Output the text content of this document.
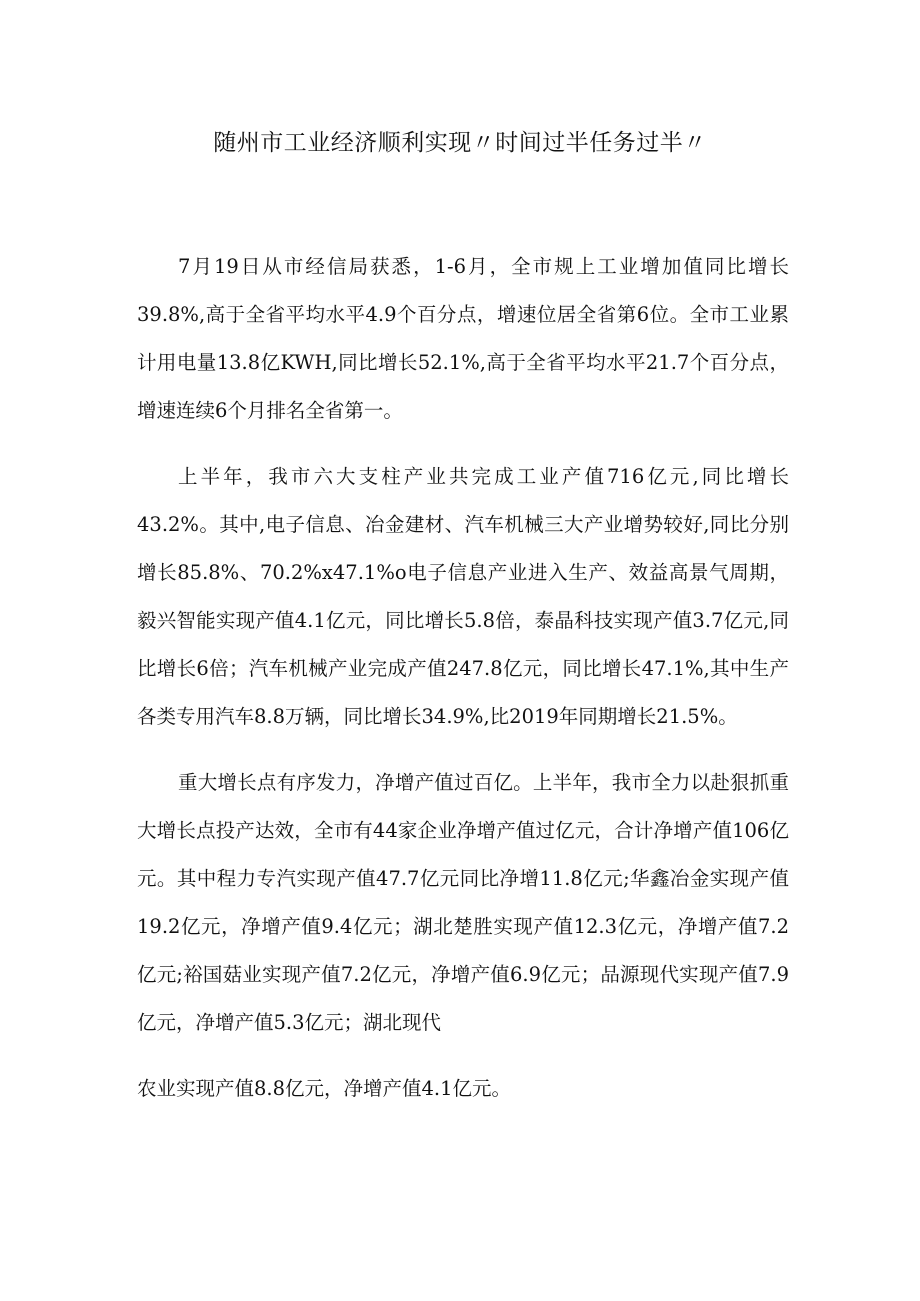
随州市工业经济顺利实现〃时间过半任务过半〃

7月19日从市经信局获悉，1-6月，全市规上工业增加值同比增长39.8%,高于全省平均水平4.9个百分点，增速位居全省第6位。全市工业累计用电量13.8亿KWH,同比增长52.1%,高于全省平均水平21.7个百分点，增速连续6个月排名全省第一。

上半年，我市六大支柱产业共完成工业产值716亿元,同比增长43.2%。其中,电子信息、冶金建材、汽车机械三大产业增势较好,同比分别增长85.8%、70.2%x47.1%o电子信息产业进入生产、效益高景气周期，毅兴智能实现产值4.1亿元，同比增长5.8倍，泰晶科技实现产值3.7亿元,同比增长6倍；汽车机械产业完成产值247.8亿元，同比增长47.1%,其中生产各类专用汽车8.8万辆，同比增长34.9%,比2019年同期增长21.5%。

重大增长点有序发力，净增产值过百亿。上半年，我市全力以赴狠抓重大增长点投产达效，全市有44家企业净增产值过亿元，合计净增产值106亿元。其中程力专汽实现产值47.7亿元同比净增11.8亿元;华鑫冶金实现产值19.2亿元，净增产值9.4亿元；湖北楚胜实现产值12.3亿元，净增产值7.2亿元;裕国菇业实现产值7.2亿元，净增产值6.9亿元；品源现代实现产值7.9亿元，净增产值5.3亿元；湖北现代

农业实现产值8.8亿元，净增产值4.1亿元。
